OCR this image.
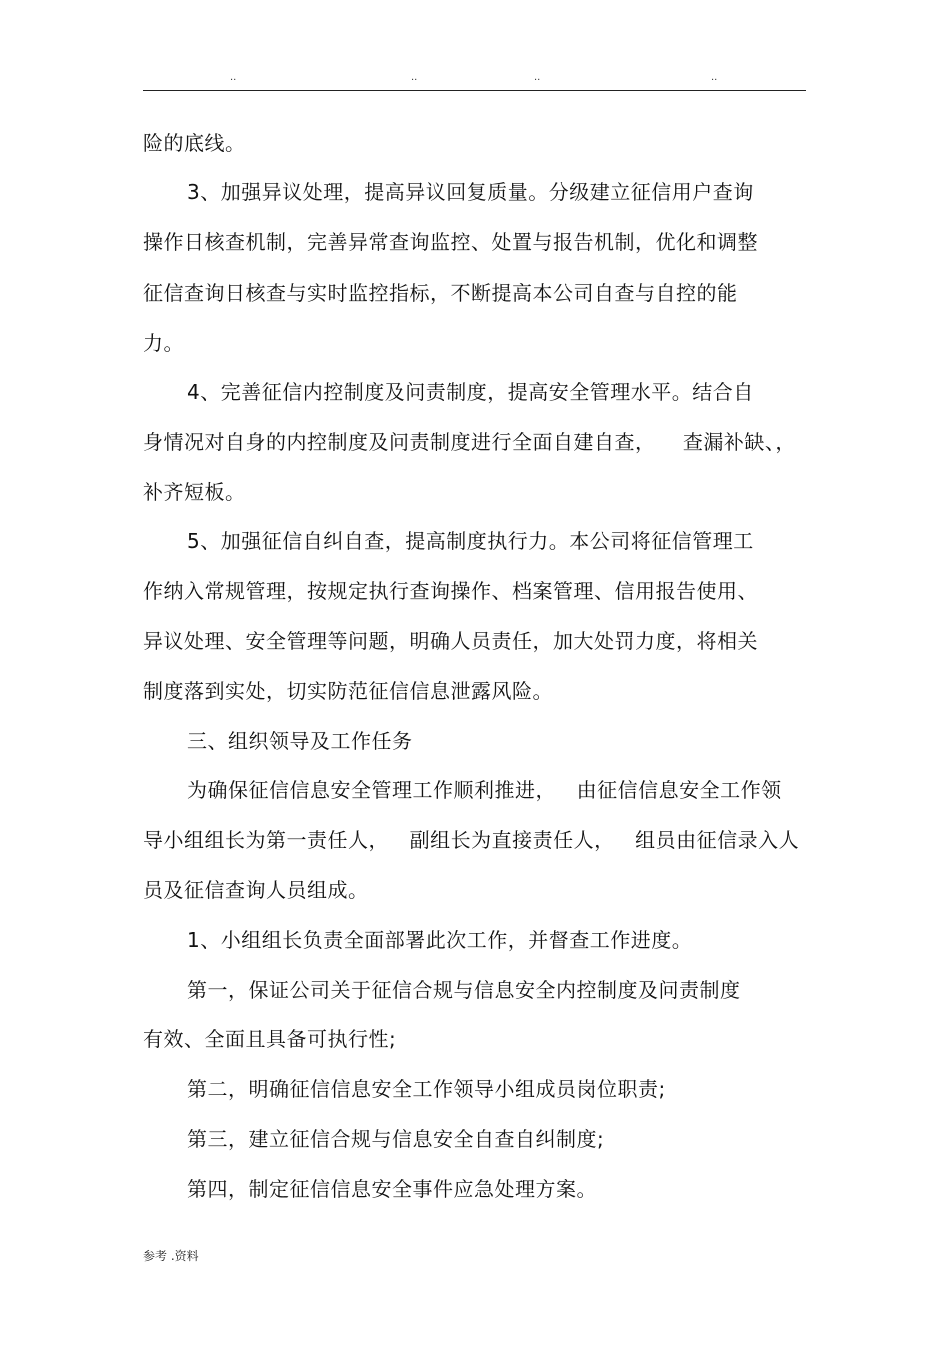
..	..	..	..
险的底线。
3、加强异议处理，提高异议回复质量。分级建立征信用户查询
操作日核查机制，完善异常查询监控、处置与报告机制，优化和调整
征信查询日核查与实时监控指标，不断提高本公司自查与自控的能
力。
4、完善征信内控制度及问责制度，提高安全管理水平。结合自
身情况对自身的内控制度及问责制度进行全面自建自查，    查漏补缺、，
补齐短板。
5、加强征信自纠自查，提高制度执行力。本公司将征信管理工
作纳入常规管理，按规定执行查询操作、档案管理、信用报告使用、
异议处理、安全管理等问题，明确人员责任，加大处罚力度，将相关
制度落到实处，切实防范征信信息泄露风险。
三、组织领导及工作任务
为确保征信信息安全管理工作顺利推进，   由征信信息安全工作领
导小组组长为第一责任人，   副组长为直接责任人，   组员由征信录入人
员及征信查询人员组成。
1、小组组长负责全面部署此次工作，并督查工作进度。
第一，保证公司关于征信合规与信息安全内控制度及问责制度
有效、全面且具备可执行性;
第二，明确征信信息安全工作领导小组成员岗位职责;
第三，建立征信合规与信息安全自查自纠制度;
第四，制定征信信息安全事件应急处理方案。
参考 .资料
